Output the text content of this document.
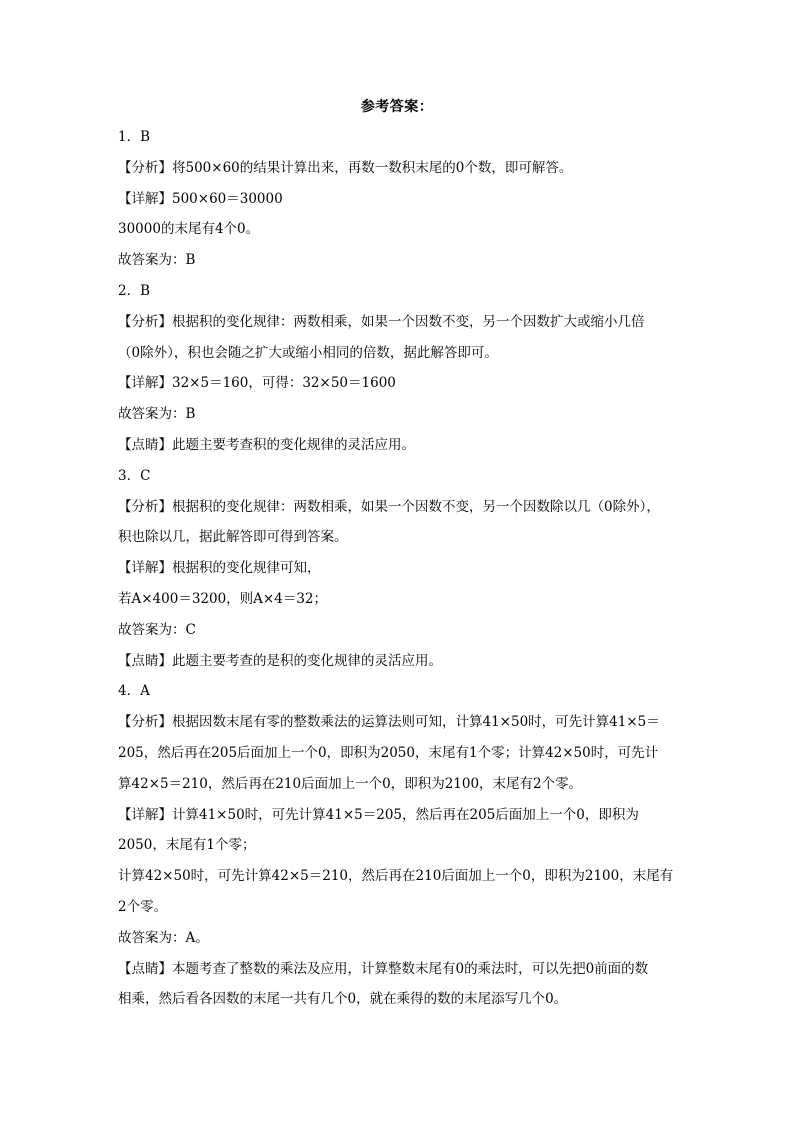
参考答案：
1．B
【分析】将500×60的结果计算出来，再数一数积末尾的0个数，即可解答。
【详解】500×60＝30000
30000的末尾有4个0。
故答案为：B
2．B
【分析】根据积的变化规律：两数相乘，如果一个因数不变，另一个因数扩大或缩小几倍
（0除外），积也会随之扩大或缩小相同的倍数，据此解答即可。
【详解】32×5＝160，可得：32×50＝1600
故答案为：B
【点睛】此题主要考查积的变化规律的灵活应用。
3．C
【分析】根据积的变化规律：两数相乘，如果一个因数不变，另一个因数除以几（0除外），
积也除以几，据此解答即可得到答案。
【详解】根据积的变化规律可知，
若A×400＝3200，则A×4＝32；
故答案为：C
【点睛】此题主要考查的是积的变化规律的灵活应用。
4．A
【分析】根据因数末尾有零的整数乘法的运算法则可知，计算41×50时，可先计算41×5＝
205，然后再在205后面加上一个0，即积为2050，末尾有1个零；计算42×50时，可先计
算42×5＝210，然后再在210后面加上一个0，即积为2100，末尾有2个零。
【详解】计算41×50时，可先计算41×5＝205，然后再在205后面加上一个0，即积为
2050，末尾有1个零；
计算42×50时，可先计算42×5＝210，然后再在210后面加上一个0，即积为2100，末尾有
2个零。
故答案为：A。
【点睛】本题考查了整数的乘法及应用，计算整数末尾有0的乘法时，可以先把0前面的数
相乘，然后看各因数的末尾一共有几个0，就在乘得的数的末尾添写几个0。
